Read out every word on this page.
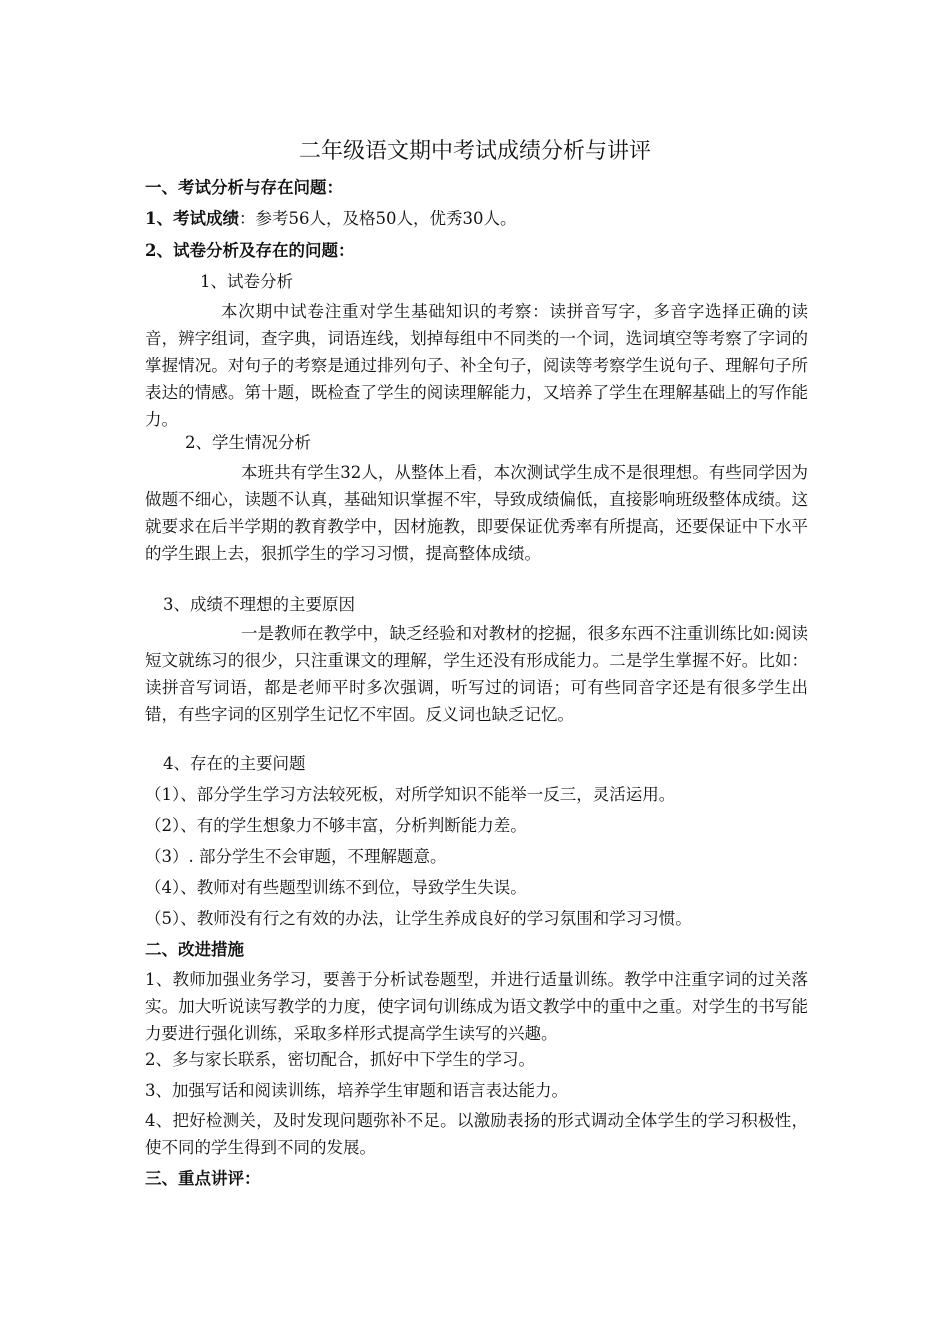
二年级语文期中考试成绩分析与讲评
一、考试分析与存在问题：
1、考试成绩：参考56人，及格50人，优秀30人。
2、试卷分析及存在的问题：
1、试卷分析
本次期中试卷注重对学生基础知识的考察：读拼音写字，多音字选择正确的读音，辨字组词，查字典，词语连线，划掉每组中不同类的一个词，选词填空等考察了字词的掌握情况。对句子的考察是通过排列句子、补全句子，阅读等考察学生说句子、理解句子所表达的情感。第十题，既检查了学生的阅读理解能力，又培养了学生在理解基础上的写作能力。
2、学生情况分析
本班共有学生32人，从整体上看，本次测试学生成不是很理想。有些同学因为做题不细心，读题不认真，基础知识掌握不牢，导致成绩偏低，直接影响班级整体成绩。这就要求在后半学期的教育教学中，因材施教，即要保证优秀率有所提高，还要保证中下水平的学生跟上去，狠抓学生的学习习惯，提高整体成绩。
3、成绩不理想的主要原因
一是教师在教学中，缺乏经验和对教材的挖掘，很多东西不注重训练比如:阅读短文就练习的很少，只注重课文的理解，学生还没有形成能力。二是学生掌握不好。比如：读拼音写词语，都是老师平时多次强调，听写过的词语；可有些同音字还是有很多学生出错，有些字词的区别学生记忆不牢固。反义词也缺乏记忆。
4、存在的主要问题
（1）、部分学生学习方法较死板，对所学知识不能举一反三，灵活运用。
（2）、有的学生想象力不够丰富，分析判断能力差。
（3）. 部分学生不会审题，不理解题意。
（4）、教师对有些题型训练不到位，导致学生失误。
（5）、教师没有行之有效的办法，让学生养成良好的学习氛围和学习习惯。
二、改进措施
1、教师加强业务学习，要善于分析试卷题型，并进行适量训练。教学中注重字词的过关落实。加大听说读写教学的力度，使字词句训练成为语文教学中的重中之重。对学生的书写能力要进行强化训练，采取多样形式提高学生读写的兴趣。
2、多与家长联系，密切配合，抓好中下学生的学习。
3、加强写话和阅读训练，培养学生审题和语言表达能力。
4、把好检测关，及时发现问题弥补不足。以激励表扬的形式调动全体学生的学习积极性，使不同的学生得到不同的发展。
三、重点讲评：
